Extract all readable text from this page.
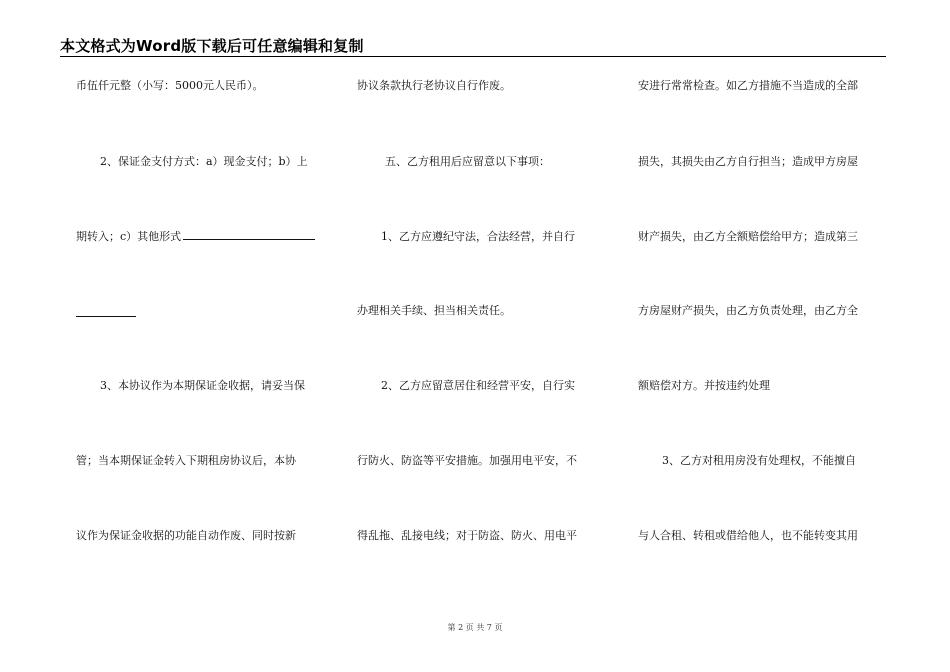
本文格式为Word版下载后可任意编辑和复制
币伍仟元整（小写：5000元人民币）。
2、保证金支付方式：a）现金支付；b）上
期转入；c）其他形式
3、本协议作为本期保证金收据，请妥当保
管；当本期保证金转入下期租房协议后，本协
议作为保证金收据的功能自动作废、同时按新
协议条款执行老协议自行作废。
五、乙方租用后应留意以下事项：
1、乙方应遵纪守法，合法经营，并自行
办理相关手续、担当相关责任。
2、乙方应留意居住和经营平安，自行实
行防火、防盗等平安措施。加强用电平安，不
得乱拖、乱接电线；对于防盗、防火、用电平
安进行常常检查。如乙方措施不当造成的全部
损失，其损失由乙方自行担当；造成甲方房屋
财产损失，由乙方全额赔偿给甲方；造成第三
方房屋财产损失，由乙方负责处理，由乙方全
额赔偿对方。并按违约处理
3、乙方对租用房没有处理权，不能擅自
与人合租、转租或借给他人，也不能转变其用
第 2 页 共 7 页
